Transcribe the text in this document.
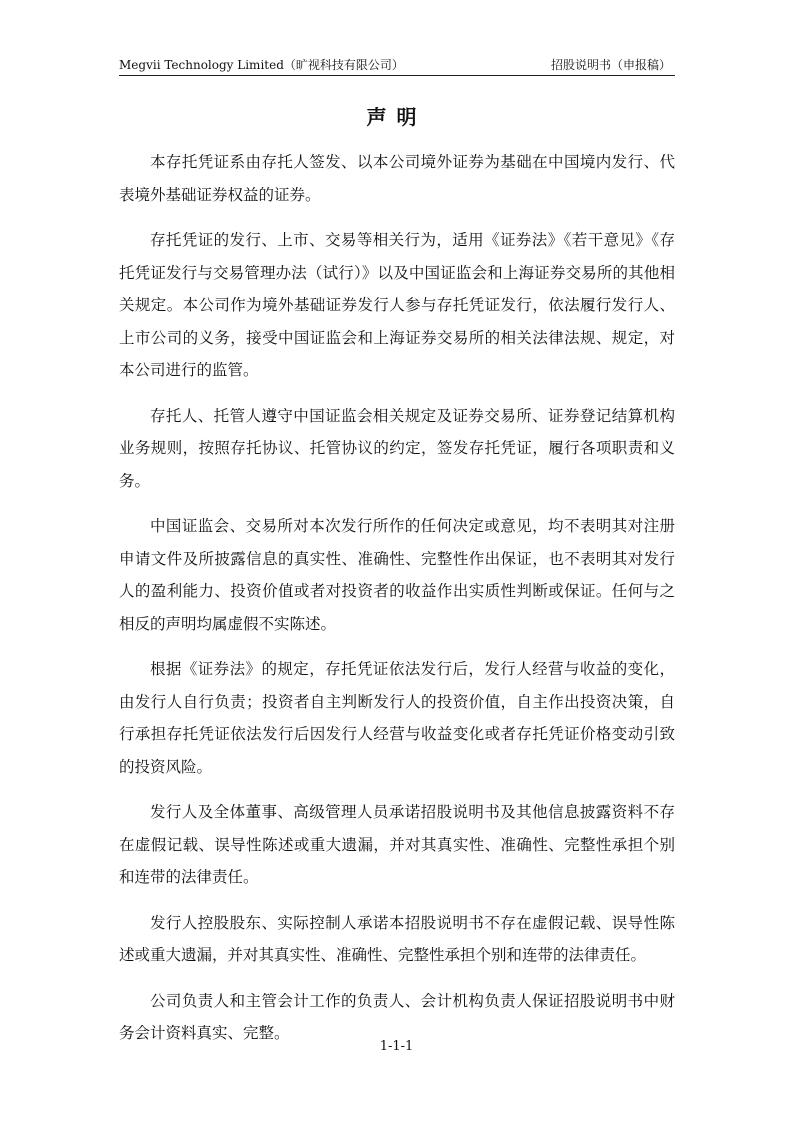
Megvii Technology Limited（旷视科技有限公司）	招股说明书（申报稿）
声明

本存托凭证系由存托人签发、以本公司境外证券为基础在中国境内发行、代表境外基础证券权益的证券。

存托凭证的发行、上市、交易等相关行为，适用《证券法》《若干意见》《存托凭证发行与交易管理办法（试行）》以及中国证监会和上海证券交易所的其他相关规定。本公司作为境外基础证券发行人参与存托凭证发行，依法履行发行人、上市公司的义务，接受中国证监会和上海证券交易所的相关法律法规、规定，对本公司进行的监管。

存托人、托管人遵守中国证监会相关规定及证券交易所、证券登记结算机构业务规则，按照存托协议、托管协议的约定，签发存托凭证，履行各项职责和义务。

中国证监会、交易所对本次发行所作的任何决定或意见，均不表明其对注册申请文件及所披露信息的真实性、准确性、完整性作出保证，也不表明其对发行人的盈利能力、投资价值或者对投资者的收益作出实质性判断或保证。任何与之相反的声明均属虚假不实陈述。

根据《证券法》的规定，存托凭证依法发行后，发行人经营与收益的变化，由发行人自行负责；投资者自主判断发行人的投资价值，自主作出投资决策，自行承担存托凭证依法发行后因发行人经营与收益变化或者存托凭证价格变动引致的投资风险。

发行人及全体董事、高级管理人员承诺招股说明书及其他信息披露资料不存在虚假记载、误导性陈述或重大遗漏，并对其真实性、准确性、完整性承担个别和连带的法律责任。

发行人控股股东、实际控制人承诺本招股说明书不存在虚假记载、误导性陈述或重大遗漏，并对其真实性、准确性、完整性承担个别和连带的法律责任。

公司负责人和主管会计工作的负责人、会计机构负责人保证招股说明书中财务会计资料真实、完整。

1-1-1
